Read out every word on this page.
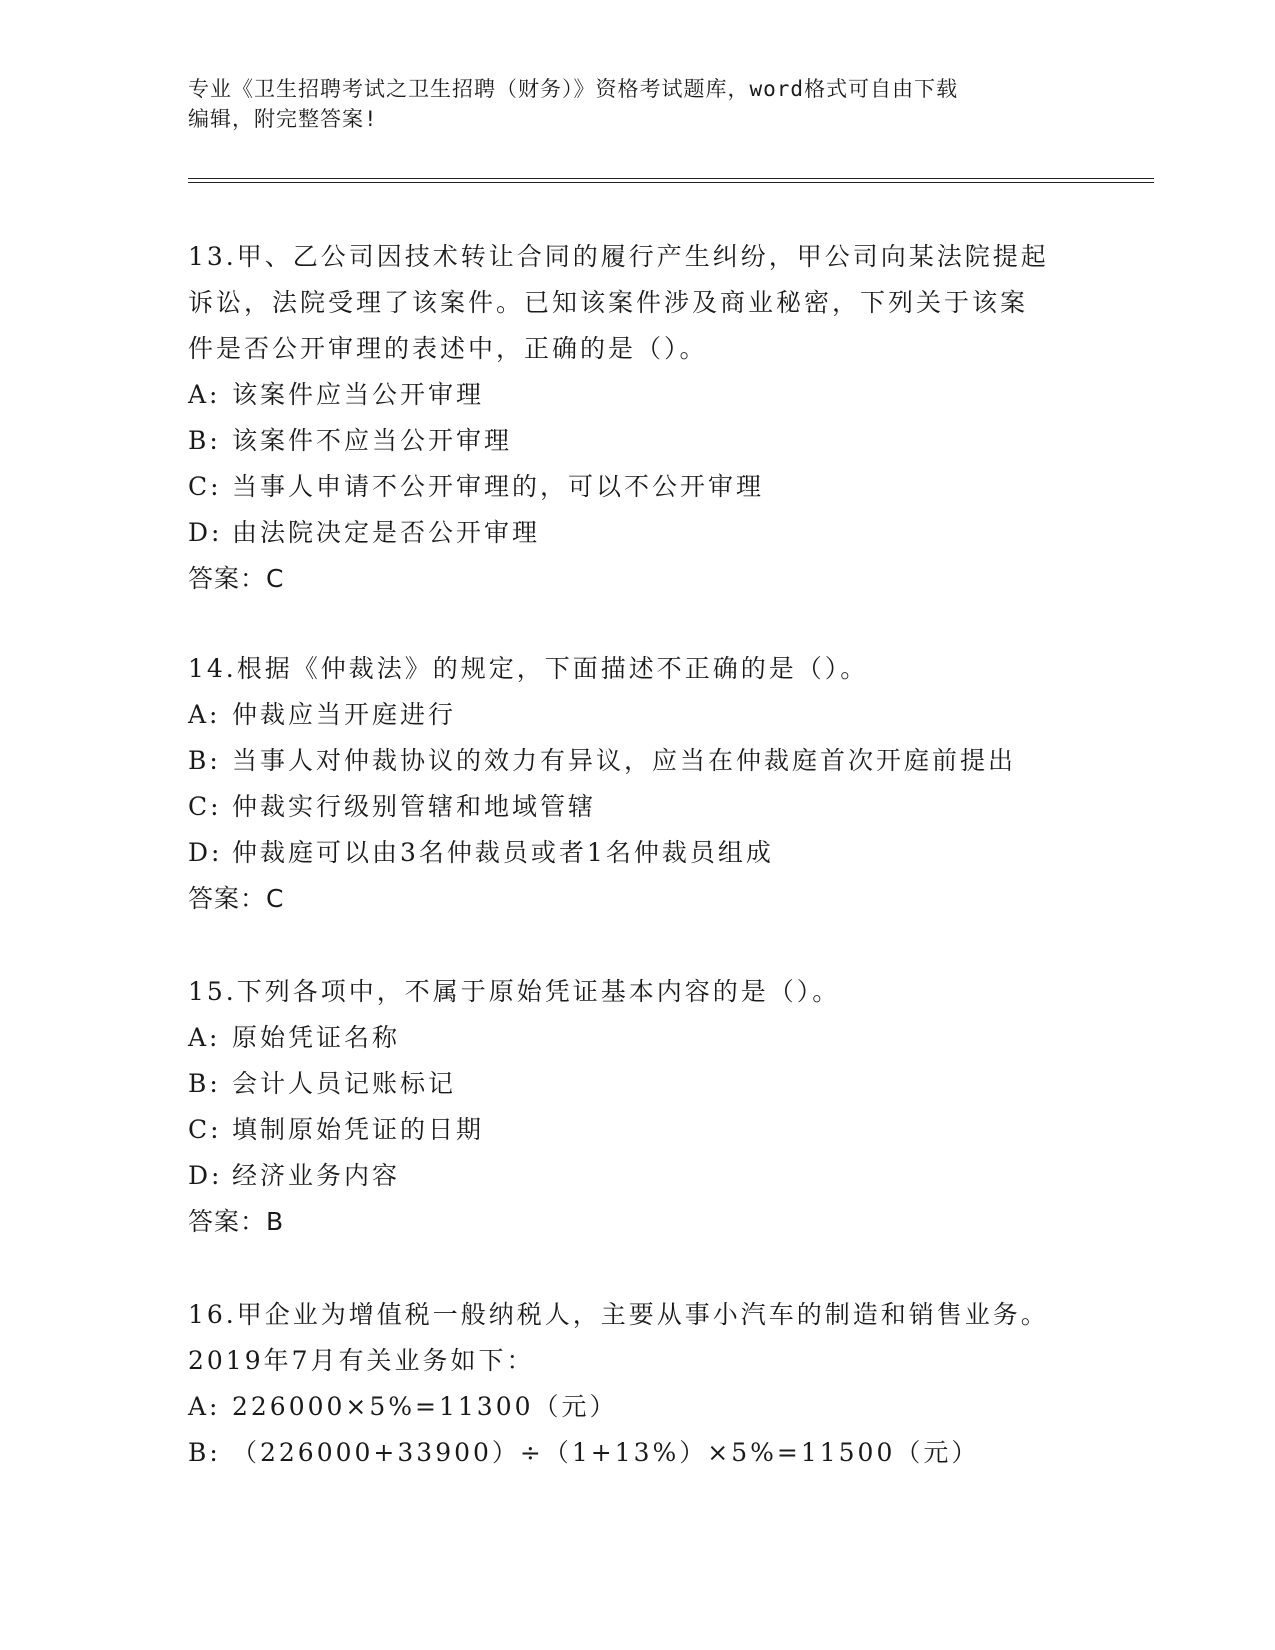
专业《卫生招聘考试之卫生招聘（财务）》资格考试题库，word格式可自由下载
编辑，附完整答案!
13.甲、乙公司因技术转让合同的履行产生纠纷，甲公司向某法院提起
诉讼，法院受理了该案件。已知该案件涉及商业秘密，下列关于该案
件是否公开审理的表述中，正确的是（）。
A: 该案件应当公开审理
B: 该案件不应当公开审理
C: 当事人申请不公开审理的，可以不公开审理
D: 由法院决定是否公开审理
答案：C
14.根据《仲裁法》的规定，下面描述不正确的是（）。
A: 仲裁应当开庭进行
B: 当事人对仲裁协议的效力有异议，应当在仲裁庭首次开庭前提出
C: 仲裁实行级别管辖和地域管辖
D: 仲裁庭可以由3名仲裁员或者1名仲裁员组成
答案：C
15.下列各项中，不属于原始凭证基本内容的是（）。
A: 原始凭证名称
B: 会计人员记账标记
C: 填制原始凭证的日期
D: 经济业务内容
答案：B
16.甲企业为增值税一般纳税人，主要从事小汽车的制造和销售业务。
2019年7月有关业务如下：
A: 226000×5%=11300（元）
B: （226000+33900）÷（1+13%）×5%=11500（元）
